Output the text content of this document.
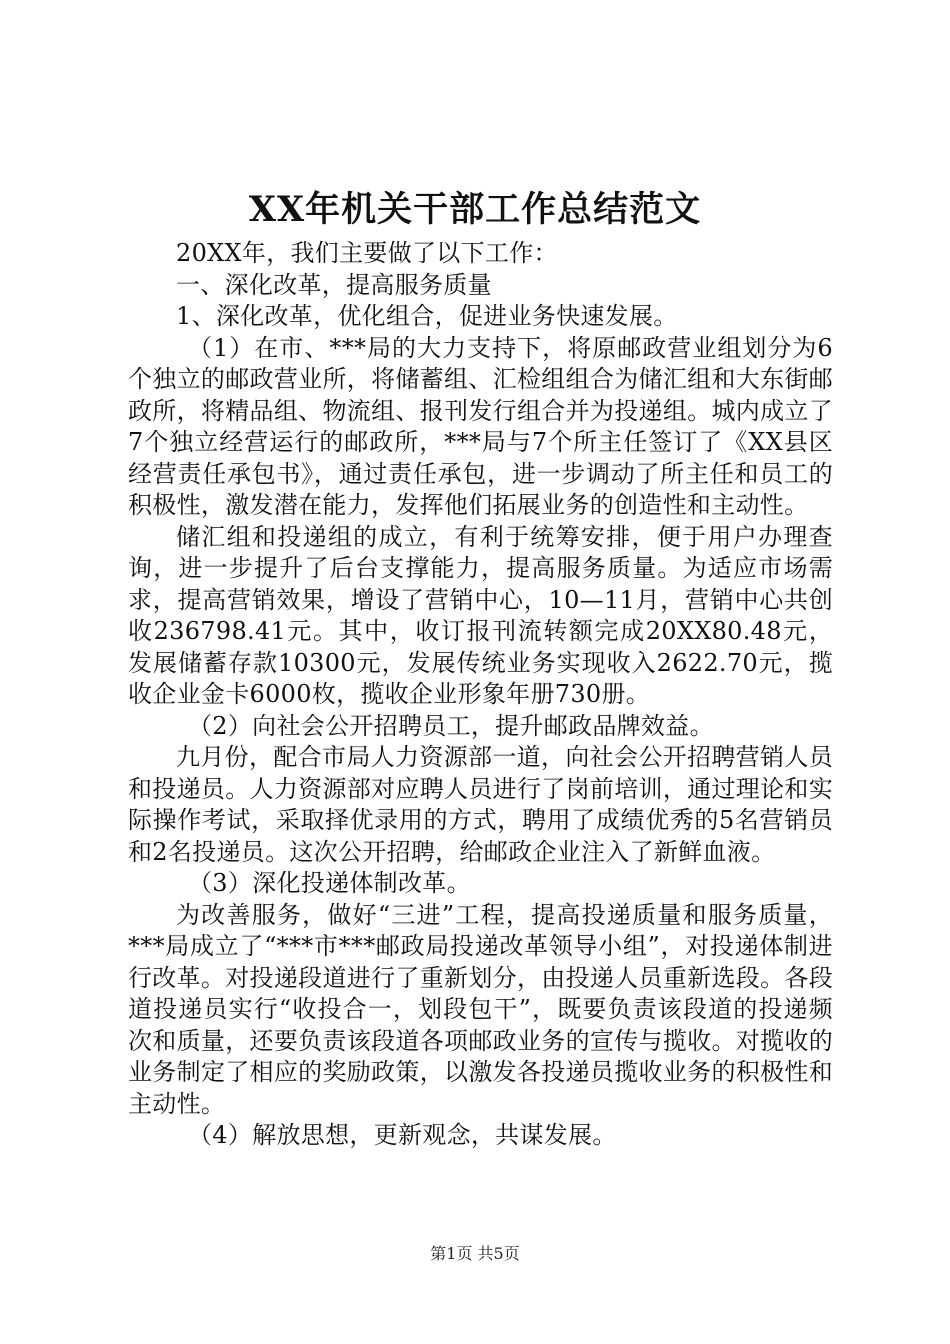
XX年机关干部工作总结范文

20XX年，我们主要做了以下工作：

一、深化改革，提高服务质量

1、深化改革，优化组合，促进业务快速发展。

（1）在市、***局的大力支持下，将原邮政营业组划分为6个独立的邮政营业所，将储蓄组、汇检组组合为储汇组和大东街邮政所，将精品组、物流组、报刊发行组合并为投递组。城内成立了7个独立经营运行的邮政所，***局与7个所主任签订了《XX县区经营责任承包书》，通过责任承包，进一步调动了所主任和员工的积极性，激发潜在能力，发挥他们拓展业务的创造性和主动性。

储汇组和投递组的成立，有利于统筹安排，便于用户办理查询，进一步提升了后台支撑能力，提高服务质量。为适应市场需求，提高营销效果，增设了营销中心，10—11月，营销中心共创收236798.41元。其中，收订报刊流转额完成20XX80.48元，发展储蓄存款10300元，发展传统业务实现收入2622.70元，揽收企业金卡6000枚，揽收企业形象年册730册。

（2）向社会公开招聘员工，提升邮政品牌效益。

九月份，配合市局人力资源部一道，向社会公开招聘营销人员和投递员。人力资源部对应聘人员进行了岗前培训，通过理论和实际操作考试，采取择优录用的方式，聘用了成绩优秀的5名营销员和2名投递员。这次公开招聘，给邮政企业注入了新鲜血液。

（3）深化投递体制改革。

为改善服务，做好“三进”工程，提高投递质量和服务质量，***局成立了“***市***邮政局投递改革领导小组”，对投递体制进行改革。对投递段道进行了重新划分，由投递人员重新选段。各段道投递员实行“收投合一，划段包干”，既要负责该段道的投递频次和质量，还要负责该段道各项邮政业务的宣传与揽收。对揽收的业务制定了相应的奖励政策，以激发各投递员揽收业务的积极性和主动性。

（4）解放思想，更新观念，共谋发展。

第1页 共5页
